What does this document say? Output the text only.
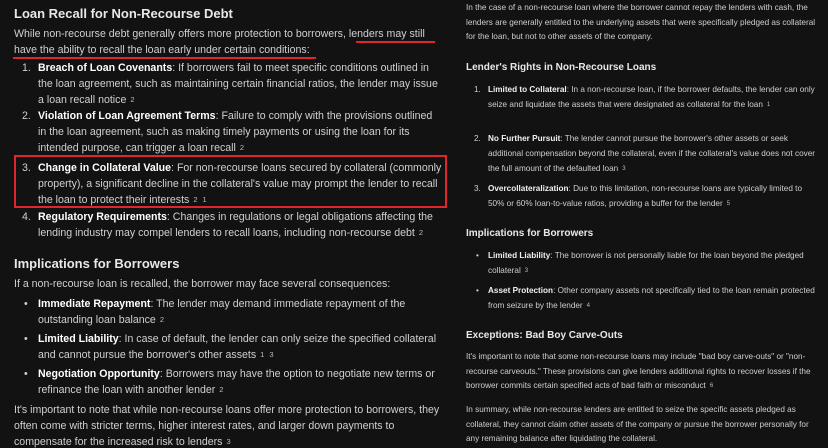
Loan Recall for Non-Recourse Debt

While non-recourse debt generally offers more protection to borrowers, lenders may still have the ability to recall the loan early under certain conditions:

1. Breach of Loan Covenants: If borrowers fail to meet specific conditions outlined in the loan agreement, such as maintaining certain financial ratios, the lender may issue a loan recall notice 2
2. Violation of Loan Agreement Terms: Failure to comply with the provisions outlined in the loan agreement, such as making timely payments or using the loan for its intended purpose, can trigger a loan recall 2
3. Change in Collateral Value: For non-recourse loans secured by collateral (commonly property), a significant decline in the collateral's value may prompt the lender to recall the loan to protect their interests 2 1
4. Regulatory Requirements: Changes in regulations or legal obligations affecting the lending industry may compel lenders to recall loans, including non-recourse debt 2
Implications for Borrowers

If a non-recourse loan is recalled, the borrower may face several consequences:

• Immediate Repayment: The lender may demand immediate repayment of the outstanding loan balance 2
• Limited Liability: In case of default, the lender can only seize the specified collateral and cannot pursue the borrower's other assets 1 3
• Negotiation Opportunity: Borrowers may have the option to negotiate new terms or refinance the loan with another lender 2

It's important to note that while non-recourse loans offer more protection to borrowers, they often come with stricter terms, higher interest rates, and larger down payments to compensate for the increased risk to lenders 3

In the case of a non-recourse loan where the borrower cannot repay the lenders with cash, the lenders are generally entitled to the underlying assets that were specifically pledged as collateral for the loan, but not to other assets of the company.

Lender's Rights in Non-Recourse Loans
1. Limited to Collateral: In a non-recourse loan, if the borrower defaults, the lender can only seize and liquidate the assets that were designated as collateral for the loan 1
2. No Further Pursuit: The lender cannot pursue the borrower's other assets or seek additional compensation beyond the collateral, even if the collateral's value does not cover the full amount of the defaulted loan 3
3. Overcollateralization: Due to this limitation, non-recourse loans are typically limited to 50% or 60% loan-to-value ratios, providing a buffer for the lender 5
Implications for Borrowers
• Limited Liability: The borrower is not personally liable for the loan beyond the pledged collateral 3
• Asset Protection: Other company assets not specifically tied to the loan remain protected from seizure by the lender 4
Exceptions: Bad Boy Carve-Outs

It's important to note that some non-recourse loans may include "bad boy carve-outs" or "non-recourse carveouts." These provisions can give lenders additional rights to recover losses if the borrower commits certain specified acts of bad faith or misconduct 6

In summary, while non-recourse lenders are entitled to seize the specific assets pledged as collateral, they cannot claim other assets of the company or pursue the borrower personally for any remaining balance after liquidating the collateral.
